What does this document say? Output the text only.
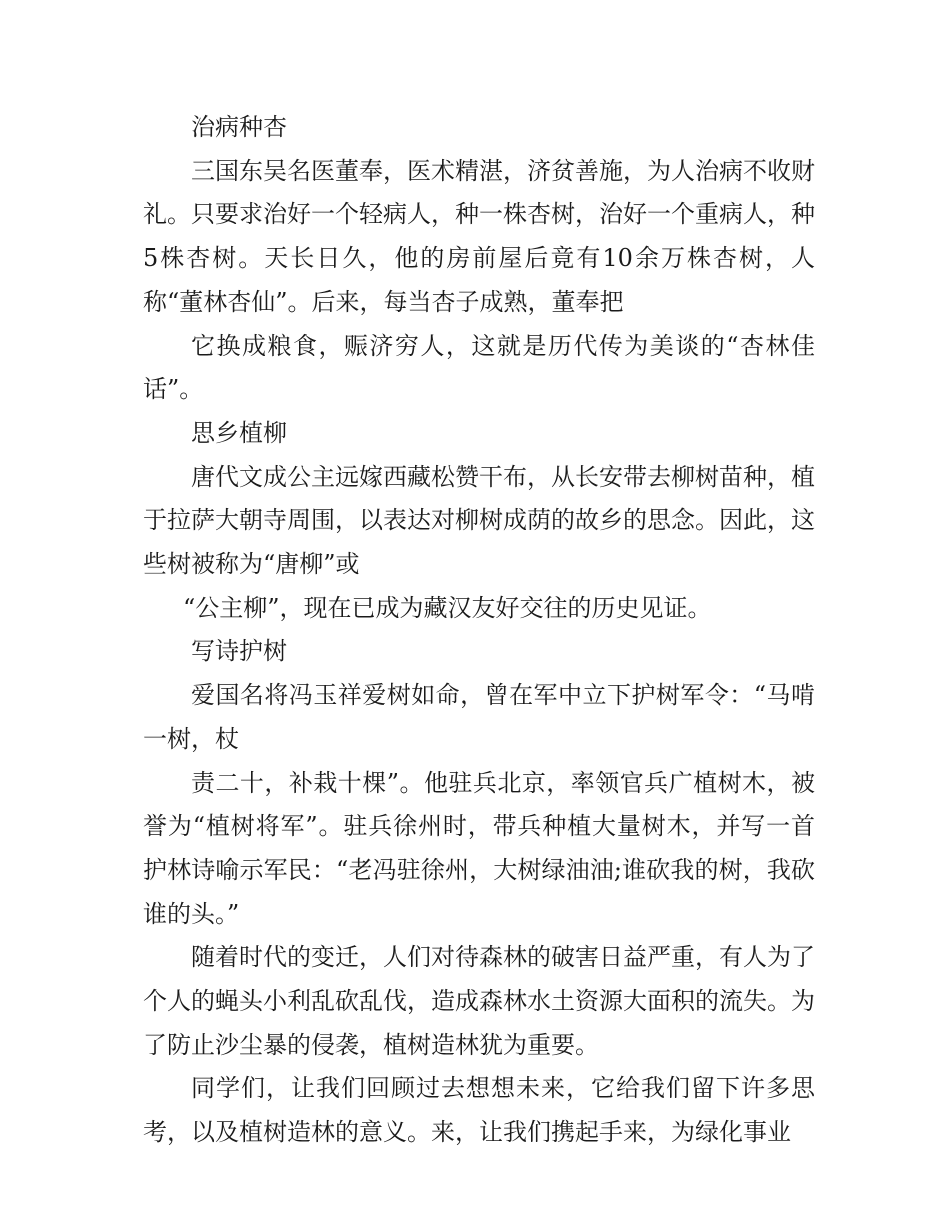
治病种杏

三国东吴名医董奉，医术精湛，济贫善施，为人治病不收财礼。只要求治好一个轻病人，种一株杏树，治好一个重病人，种5株杏树。天长日久，他的房前屋后竟有10余万株杏树，人称“董林杏仙”。后来，每当杏子成熟，董奉把

它换成粮食，赈济穷人，这就是历代传为美谈的“杏林佳话”。

思乡植柳

唐代文成公主远嫁西藏松赞干布，从长安带去柳树苗种，植于拉萨大朝寺周围，以表达对柳树成荫的故乡的思念。因此，这些树被称为“唐柳”或

“公主柳”，现在已成为藏汉友好交往的历史见证。

写诗护树

爱国名将冯玉祥爱树如命，曾在军中立下护树军令：“马啃一树，杖

责二十，补栽十棵”。他驻兵北京，率领官兵广植树木，被誉为“植树将军”。驻兵徐州时，带兵种植大量树木，并写一首护林诗喻示军民：“老冯驻徐州，大树绿油油;谁砍我的树，我砍谁的头。”

随着时代的变迁，人们对待森林的破害日益严重，有人为了个人的蝇头小利乱砍乱伐，造成森林水土资源大面积的流失。为了防止沙尘暴的侵袭，植树造林犹为重要。

同学们，让我们回顾过去想想未来，它给我们留下许多思考，以及植树造林的意义。来，让我们携起手来，为绿化事业
